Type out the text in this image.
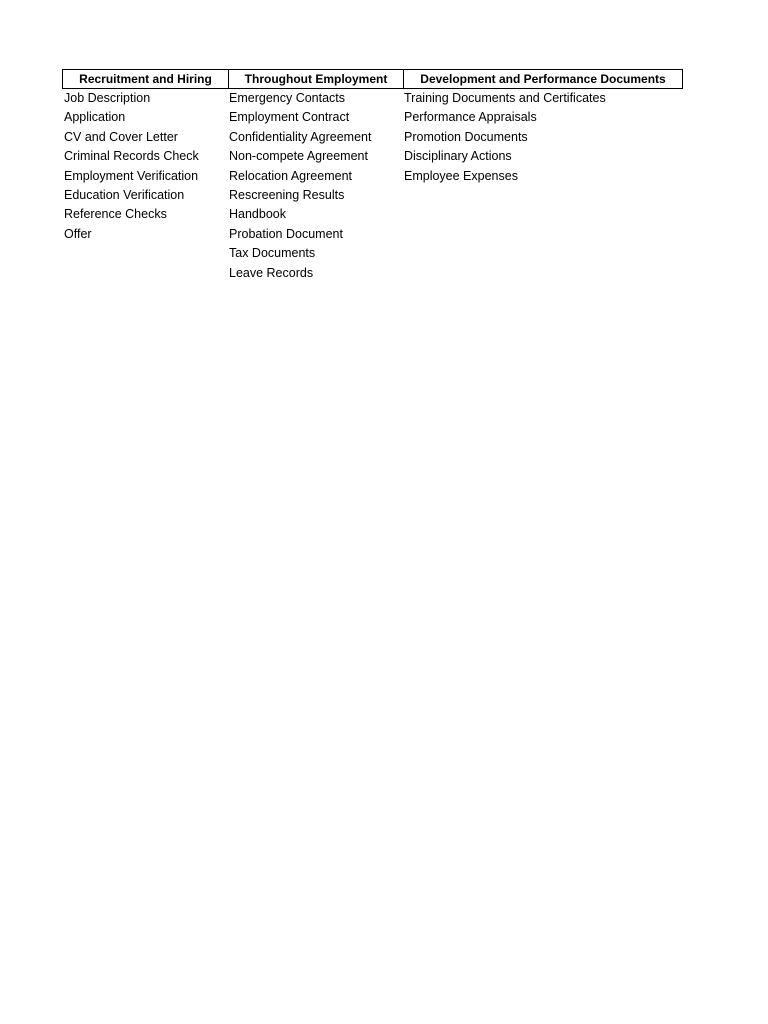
Recruitment and Hiring	Throughout Employment	Development and Performance Documents
Job Description
Application
CV and Cover Letter
Criminal Records Check
Employment Verification
Education Verification
Reference Checks
Offer
Emergency Contacts
Employment Contract
Confidentiality Agreement
Non-compete Agreement
Relocation Agreement
Rescreening Results
Handbook
Probation Document
Tax Documents
Leave Records
Training Documents and Certificates
Performance Appraisals
Promotion Documents
Disciplinary Actions
Employee Expenses
